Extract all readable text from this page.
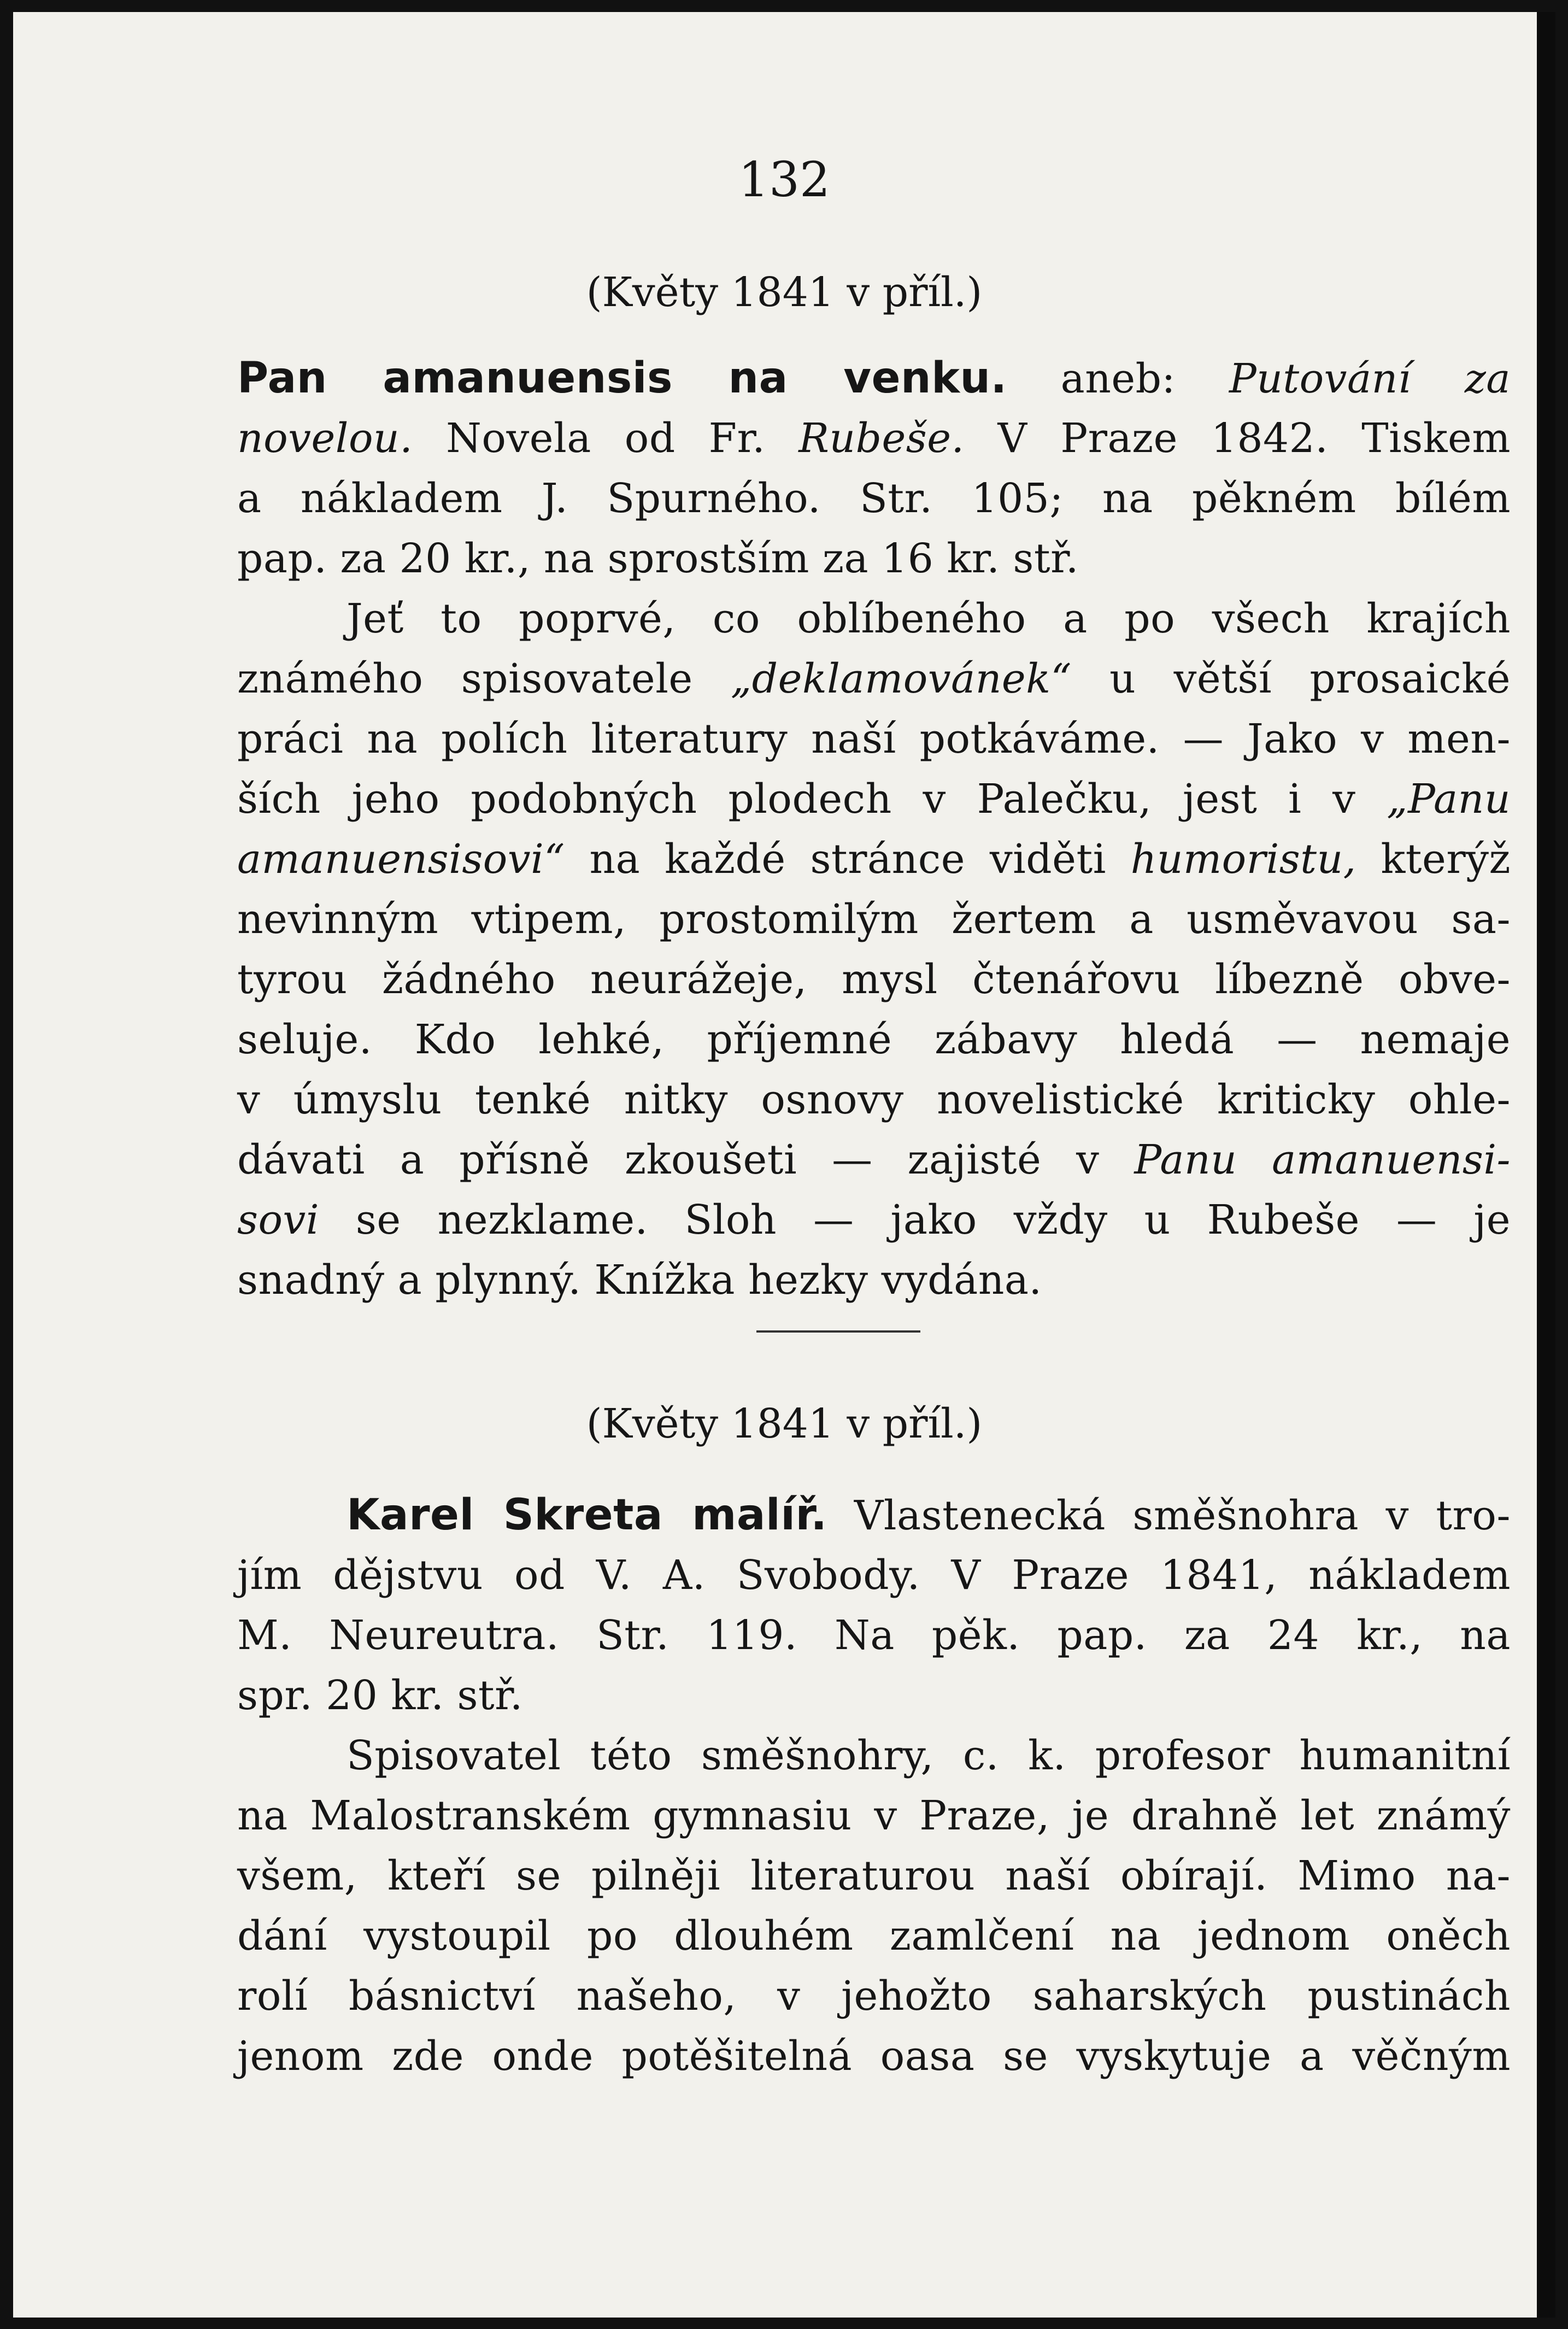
132
(Květy 1841 v příl.)
Pan amanuensis na venku. aneb: Putování za
novelou. Novela od Fr. Rubeše. V Praze 1842. Tiskem
a nákladem J. Spurného. Str. 105; na pěkném bílém
pap. za 20 kr., na sprostším za 16 kr. stř.
Jeť to poprvé, co oblíbeného a po všech krajích
známého spisovatele „deklamovánek“ u větší prosaické
práci na polích literatury naší potkáváme. — Jako v men-
ších jeho podobných plodech v Palečku, jest i v „Panu
amanuensisovi“ na každé stránce viděti humoristu, kterýž
nevinným vtipem, prostomilým žertem a usměvavou sa-
tyrou žádného neurážeje, mysl čtenářovu líbezně obve-
seluje. Kdo lehké, příjemné zábavy hledá — nemaje
v úmyslu tenké nitky osnovy novelistické kriticky ohle-
dávati a přísně zkoušeti — zajisté v Panu amanuensi-
sovi se nezklame. Sloh — jako vždy u Rubeše — je
snadný a plynný. Knížka hezky vydána.
(Květy 1841 v příl.)
Karel Skreta malíř. Vlastenecká směšnohra v tro-
jím dějstvu od V. A. Svobody. V Praze 1841, nákladem
M. Neureutra. Str. 119. Na pěk. pap. za 24 kr., na
spr. 20 kr. stř.
Spisovatel této směšnohry, c. k. profesor humanitní
na Malostranském gymnasiu v Praze, je drahně let známý
všem, kteří se pilněji literaturou naší obírají. Mimo na-
dání vystoupil po dlouhém zamlčení na jednom oněch
rolí básnictví našeho, v jehožto saharských pustinách
jenom zde onde potěšitelná oasa se vyskytuje a věčným
